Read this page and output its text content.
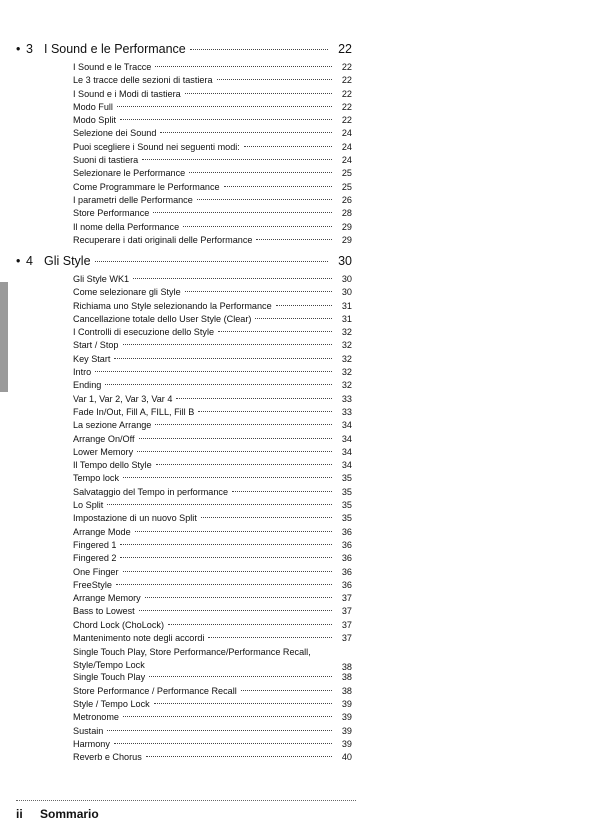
• 3 I Sound e le Performance	22
I Sound e le Tracce	22
Le 3 tracce delle sezioni di tastiera	22
I Sound e i Modi di tastiera	22
Modo Full	22
Modo Split	22
Selezione dei Sound	24
Puoi scegliere i Sound nei seguenti modi:	24
Suoni di tastiera	24
Selezionare le Performance	25
Come Programmare le Performance	25
I parametri delle Performance	26
Store Performance	28
Il nome della Performance	29
Recuperare i dati originali delle Performance	29
• 4 Gli Style	30
Gli Style WK1	30
Come selezionare gli Style	30
Richiama uno Style selezionando la Performance	31
Cancellazione totale dello User Style (Clear)	31
I Controlli di esecuzione dello Style	32
Start / Stop	32
Key Start	32
Intro	32
Ending	32
Var 1, Var 2, Var 3, Var 4	33
Fade In/Out, Fill A, FILL, Fill B	33
La sezione Arrange	34
Arrange On/Off	34
Lower Memory	34
Il Tempo dello Style	34
Tempo lock	35
Salvataggio del Tempo in performance	35
Lo Split	35
Impostazione di un nuovo Split	35
Arrange Mode	36
Fingered 1	36
Fingered 2	36
One Finger	36
FreeStyle	36
Arrange Memory	37
Bass to Lowest	37
Chord Lock (ChoLock)	37
Mantenimento note degli accordi	37
Single Touch Play, Store Performance/Performance Recall, Style/Tempo Lock	38
Single Touch Play	38
Store Performance / Performance Recall	38
Style / Tempo Lock	39
Metronome	39
Sustain	39
Harmony	39
Reverb e Chorus	40
ii Sommario
